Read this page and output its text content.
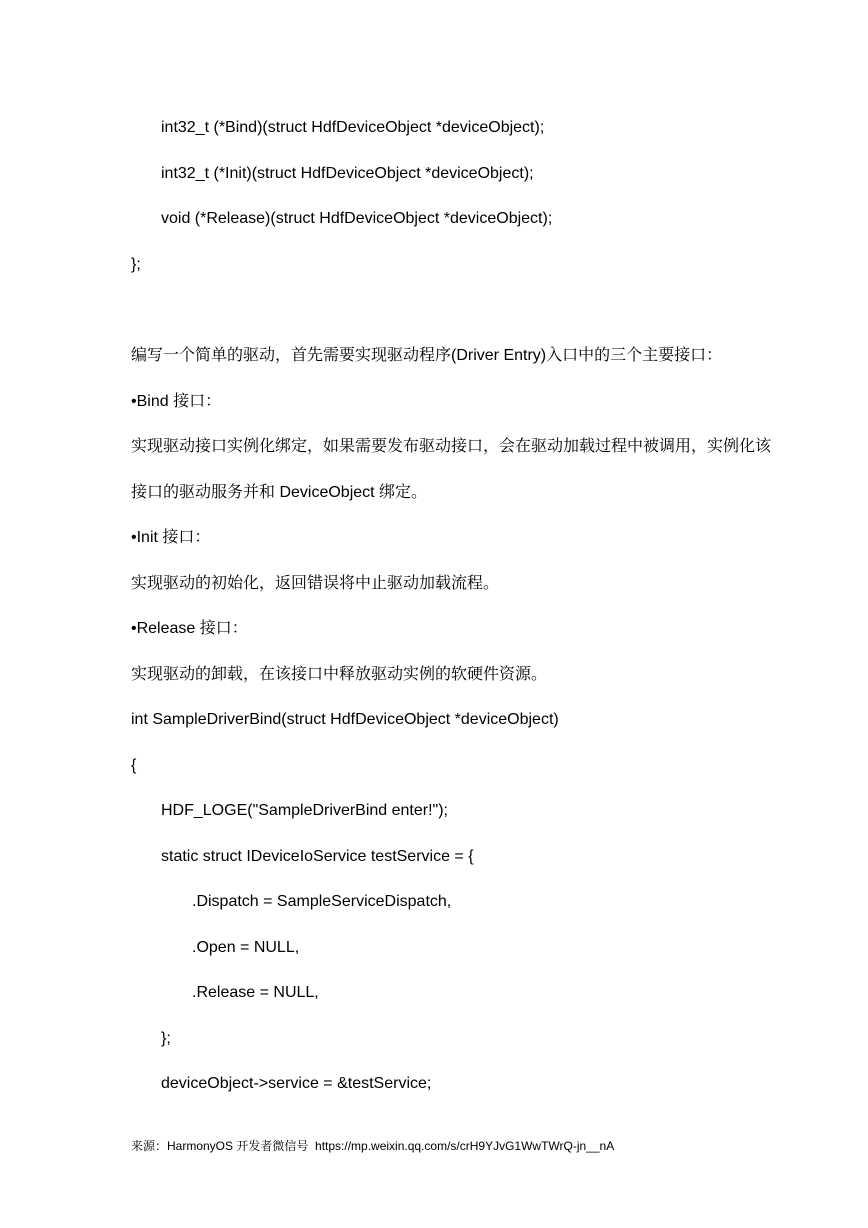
int32_t (*Bind)(struct HdfDeviceObject *deviceObject);
int32_t (*Init)(struct HdfDeviceObject *deviceObject);
void (*Release)(struct HdfDeviceObject *deviceObject);
};
编写一个简单的驱动，首先需要实现驱动程序(Driver Entry)入口中的三个主要接口：
•Bind 接口：
实现驱动接口实例化绑定，如果需要发布驱动接口，会在驱动加载过程中被调用，实例化该
接口的驱动服务并和 DeviceObject 绑定。
•Init 接口：
实现驱动的初始化，返回错误将中止驱动加载流程。
•Release 接口：
实现驱动的卸载，在该接口中释放驱动实例的软硬件资源。
int SampleDriverBind(struct HdfDeviceObject *deviceObject)
{
HDF_LOGE("SampleDriverBind enter!");
static struct IDeviceIoService testService = {
.Dispatch = SampleServiceDispatch,
.Open = NULL,
.Release = NULL,
};
deviceObject->service = &testService;
来源：HarmonyOS 开发者微信号  https://mp.weixin.qq.com/s/crH9YJvG1WwTWrQ-jn__nA
